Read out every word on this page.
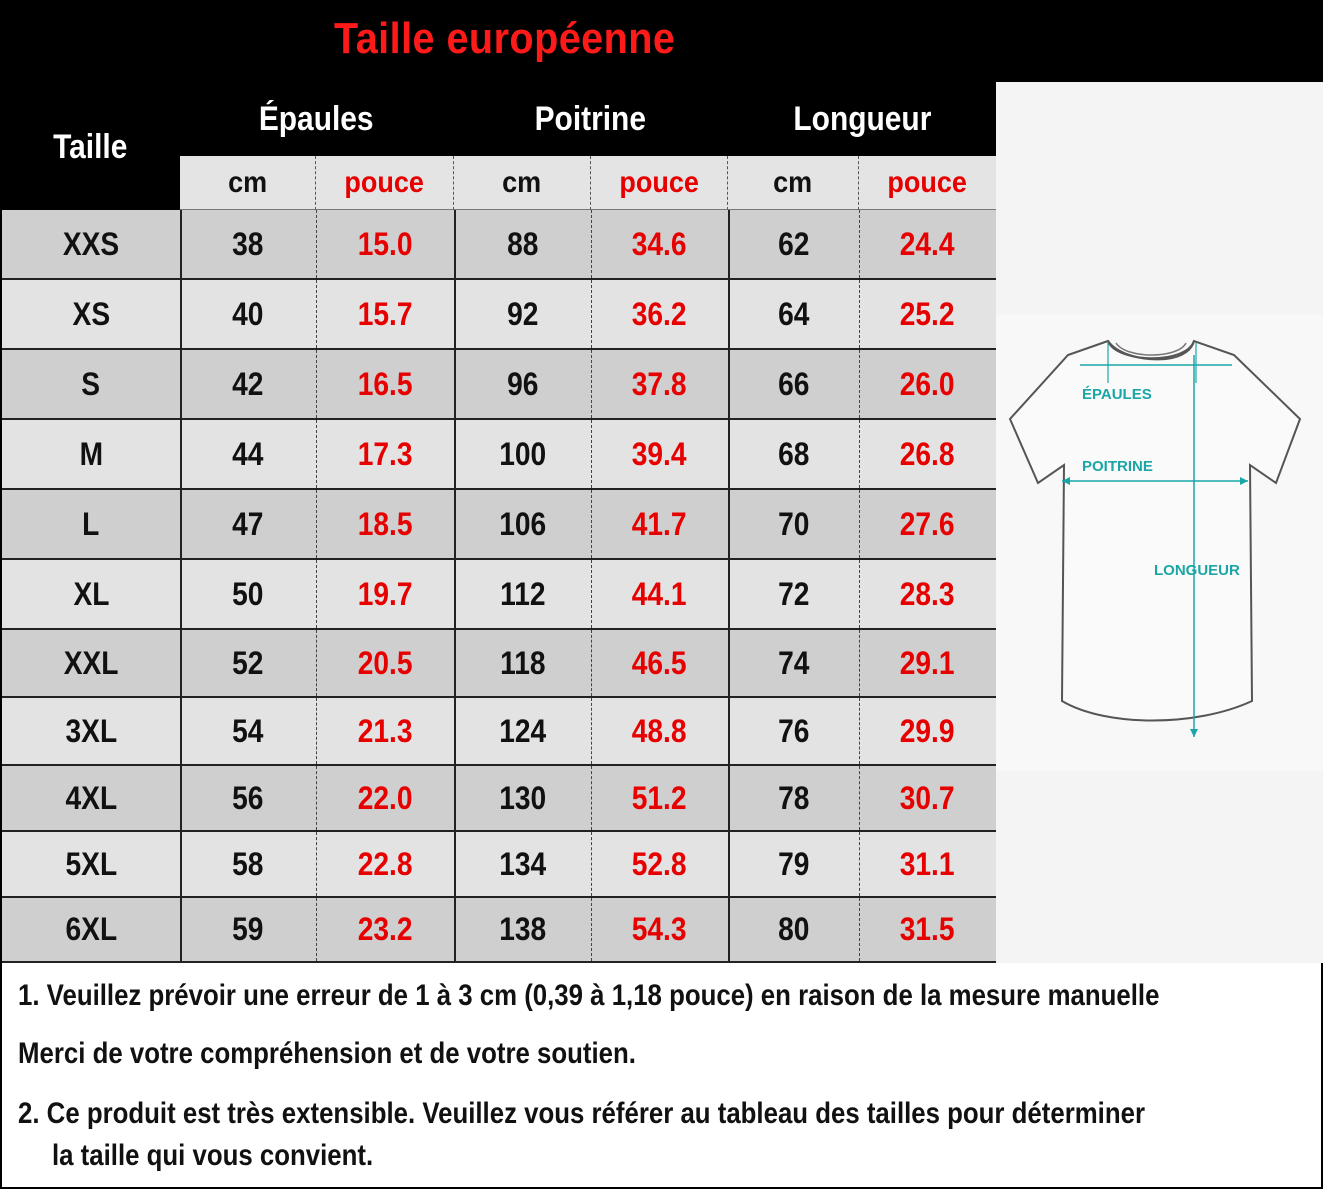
Taille européenne
Taille
Épaules	Poitrine	Longueur
cm	pouce	cm	pouce cm	pouce
XXS	38	15.0	88	34.6	62	24.4
XS	40	15.7	92	36.2	64	25.2
S	42	16.5	96	37.8	66	26.0
M	44	17.3	100	39.4	68	26.8
L	47	18.5	106	41.7	70	27.6
XL	50	19.7	112	44.1	72	28.3
XXL	52	20.5	118	46.5	74	29.1
3XL	54	21.3	124	48.8	76	29.9
4XL	56	22.0	130	51.2	78	30.7
5XL	58	22.8	134	52.8	79	31.1
6XL	59	23.2	138	54.3	80	31.5
ÉPAULES
POITRINE
LONGUEUR
1. Veuillez prévoir une erreur de 1 à 3 cm (0,39 à 1,18 pouce) en raison de la mesure manuelle
Merci de votre compréhension et de votre soutien.
2. Ce produit est très extensible. Veuillez vous référer au tableau des tailles pour déterminer
la taille qui vous convient.
